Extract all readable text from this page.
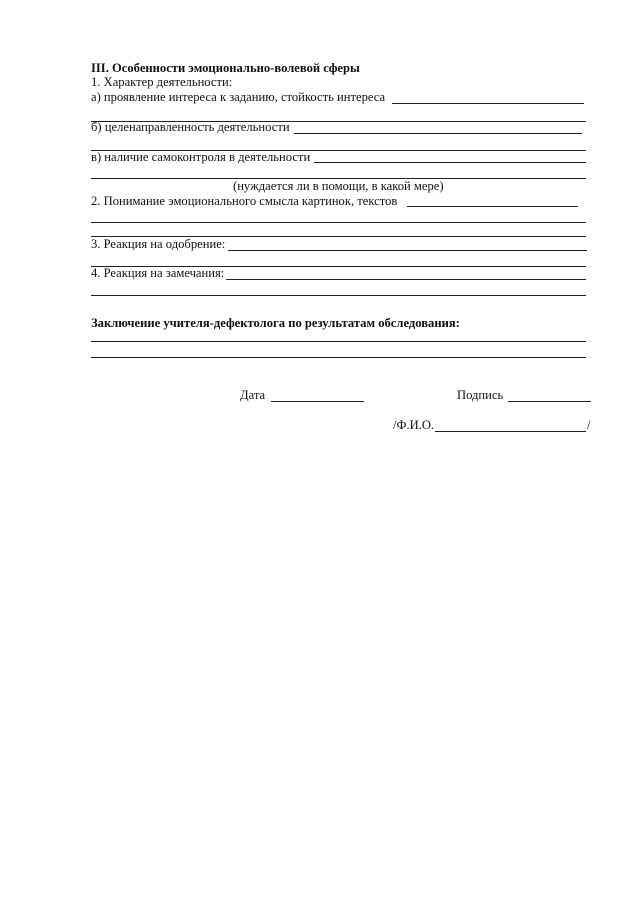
III. Особенности эмоционально-волевой сферы
1. Характер деятельности:
а) проявление интереса к заданию, стойкость интереса
б) целенаправленность деятельности
в) наличие самоконтроля в деятельности
(нуждается ли в помощи, в какой мере)
2. Понимание эмоционального смысла картинок, текстов
3. Реакция на одобрение:
4. Реакция на замечания:
Заключение учителя-дефектолога по результатам обследования:
Дата	Подпись
/Ф.И.О.	/
